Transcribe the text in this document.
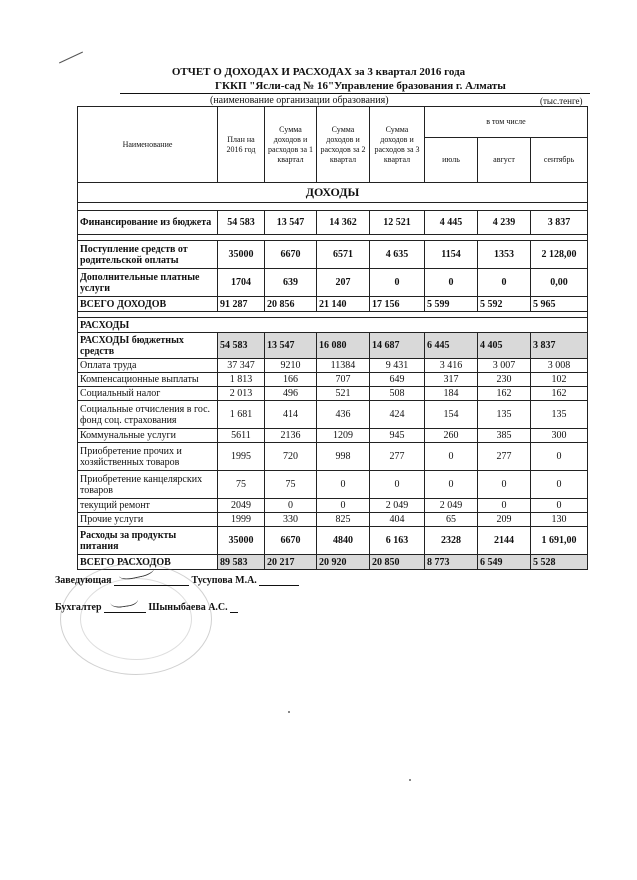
ОТЧЕТ О ДОХОДАХ И РАСХОДАХ за 3 квартал 2016 года
ГККП "Ясли-сад № 16"Управление бразования г. Алматы
(наименование организации образования)	(тыс.тенге)
Наименование	План на 2016 год	Сумма доходов и расходов за 1 квартал	Сумма доходов и расходов за 2 квартал	Сумма доходов и расходов за 3 квартал	в том числе		
					июль	август	сентябрь
ДОХОДЫ							

Финансирование из бюджета	54 583	13 547	14 362	12 521	4 445	4 239	3 837

Поступление средств от родительской оплаты	35000	6670	6571	4 635	1154	1353	2 128,00
Дополнительные платные услуги	1704	639	207	0	0	0	0,00
ВСЕГО ДОХОДОВ	91 287	20 856	21 140	17 156	5 599	5 592	5 965

РАСХОДЫ							
РАСХОДЫ бюджетных средств	54 583	13 547	16 080	14 687	6 445	4 405	3 837
Оплата труда	37 347	9210	11384	9 431	3 416	3 007	3 008
Компенсационные выплаты	1 813	166	707	649	317	230	102
Социальный налог	2 013	496	521	508	184	162	162
Социальные отчисления в гос. фонд соц. страхования	1 681	414	436	424	154	135	135
Коммунальные услуги	5611	2136	1209	945	260	385	300
Приобретение прочих и хозяйственных товаров	1995	720	998	277	0	277	0
Приобретение канцелярских товаров	75	75	0	0	0	0	0
текущий ремонт	2049	0	0	2 049	2 049	0	0
Прочие услуги	1999	330	825	404	65	209	130
Расходы за продукты питания	35000	6670	4840	6 163	2328	2144	1 691,00
ВСЕГО РАСХОДОВ	89 583	20 217	20 920	20 850	8 773	6 549	5 528
Заведующая	Тусупова М.А.
Бухгалтер	Шыныбаева А.С.
